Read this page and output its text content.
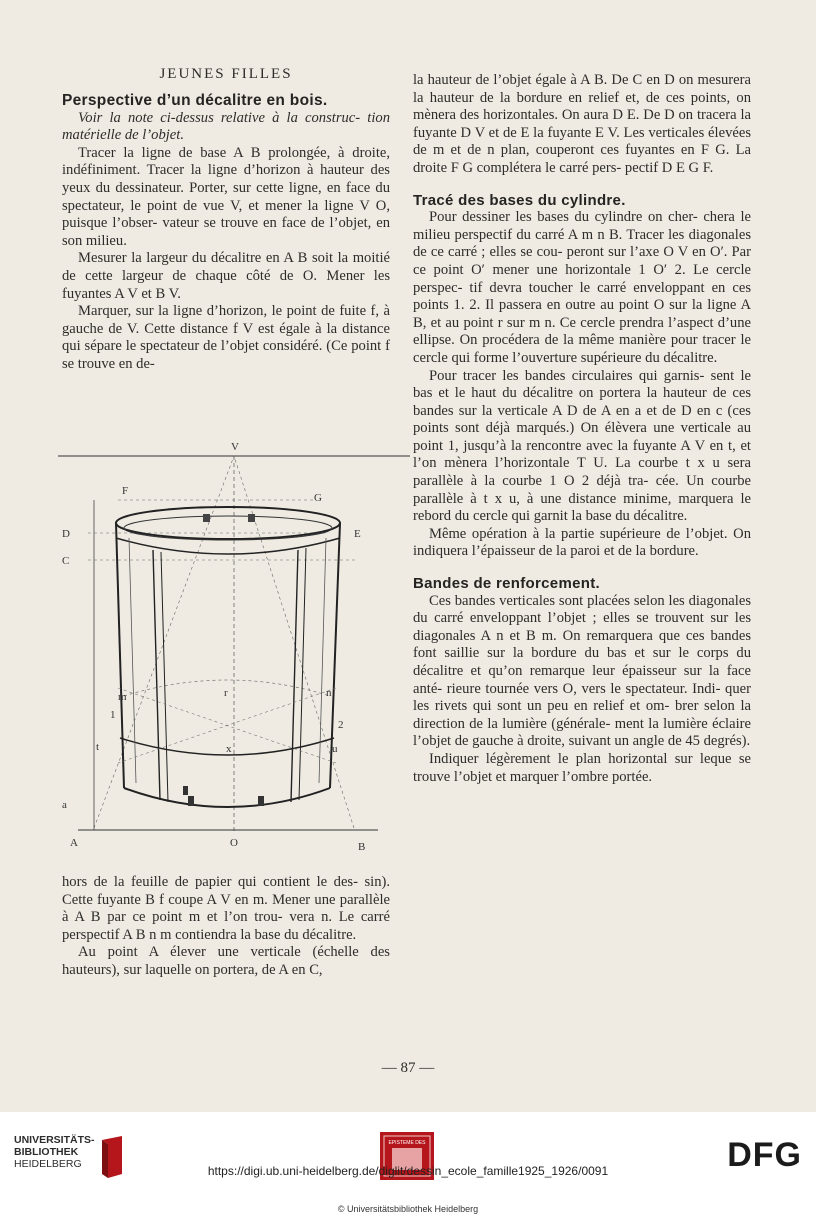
JEUNES FILLES

Perspective d’un décalitre en bois.

Voir la note ci-dessus relative à la construc- tion matérielle de l’objet.

Tracer la ligne de base A B prolongée, à droite, indéfiniment. Tracer la ligne d’horizon à hauteur des yeux du dessinateur. Porter, sur cette ligne, en face du spectateur, le point de vue V, et mener la ligne V O, puisque l’obser- vateur se trouve en face de l’objet, en son milieu.

Mesurer la largeur du décalitre en A B soit la moitié de cette largeur de chaque côté de O. Mener les fuyantes A V et B V.

Marquer, sur la ligne d’horizon, le point de fuite f, à gauche de V. Cette distance f V est égale à la distance qui sépare le spectateur de l’objet considéré. (Ce point f se trouve en de-

V
F
G
D
C
E
m	n
r
t	u
x
a
A	O	B
1
2

hors de la feuille de papier qui contient le des- sin). Cette fuyante B f coupe A V en m. Mener une parallèle à A B par ce point m et l’on trou- vera n. Le carré perspectif A B n m contiendra la base du décalitre.

Au point A élever une verticale (échelle des hauteurs), sur laquelle on portera, de A en C,

la hauteur de l’objet égale à A B. De C en D on mesurera la hauteur de la bordure en relief et, de ces points, on mènera des horizontales. On aura D E. De D on tracera la fuyante D V et de E la fuyante E V. Les verticales élevées de m et de n plan, couperont ces fuyantes en F G. La droite F G complétera le carré pers- pectif D E G F.

Tracé des bases du cylindre.

Pour dessiner les bases du cylindre on cher- chera le milieu perspectif du carré A m n B. Tracer les diagonales de ce carré ; elles se cou- peront sur l’axe O V en O′. Par ce point O′ mener une horizontale 1 O′ 2. Le cercle perspec- tif devra toucher le carré enveloppant en ces points 1. 2. Il passera en outre au point O sur la ligne A B, et au point r sur m n. Ce cercle prendra l’aspect d’une ellipse. On procédera de la même manière pour tracer le cercle qui forme l’ouverture supérieure du décalitre.

Pour tracer les bandes circulaires qui garnis- sent le bas et le haut du décalitre on portera la hauteur de ces bandes sur la verticale A D de A en a et de D en c (ces points sont déjà marqués.) On élèvera une verticale au point 1, jusqu’à la rencontre avec la fuyante A V en t, et l’on mènera l’horizontale T U. La courbe t x u sera parallèle à la courbe 1 O 2 déjà tra- cée. Un courbe parallèle à t x u, à une distance minime, marquera le rebord du cercle qui garnit la base du décalitre.

Même opération à la partie supérieure de l’objet. On indiquera l’épaisseur de la paroi et de la bordure.

Bandes de renforcement.

Ces bandes verticales sont placées selon les diagonales du carré enveloppant l’objet ; elles se trouvent sur les diagonales A n et B m. On remarquera que ces bandes font saillie sur la bordure du bas et sur le corps du décalitre et qu’on remarque leur épaisseur sur la face anté- rieure tournée vers O, vers le spectateur. Indi- quer les rivets qui sont un peu en relief et om- brer selon la direction de la lumière (générale- ment la lumière éclaire l’objet de gauche à droite, suivant un angle de 45 degrés).

Indiquer légèrement le plan horizontal sur leque se trouve l’objet et marquer l’ombre portée.

— 87 —
UNIVERSITÄTS-
BIBLIOTHEK
HEIDELBERG
EPISTEME DES	DFG
https://digi.ub.uni-heidelberg.de/diglit/dessin_ecole_famille1925_1926/0091
© Universitätsbibliothek Heidelberg
